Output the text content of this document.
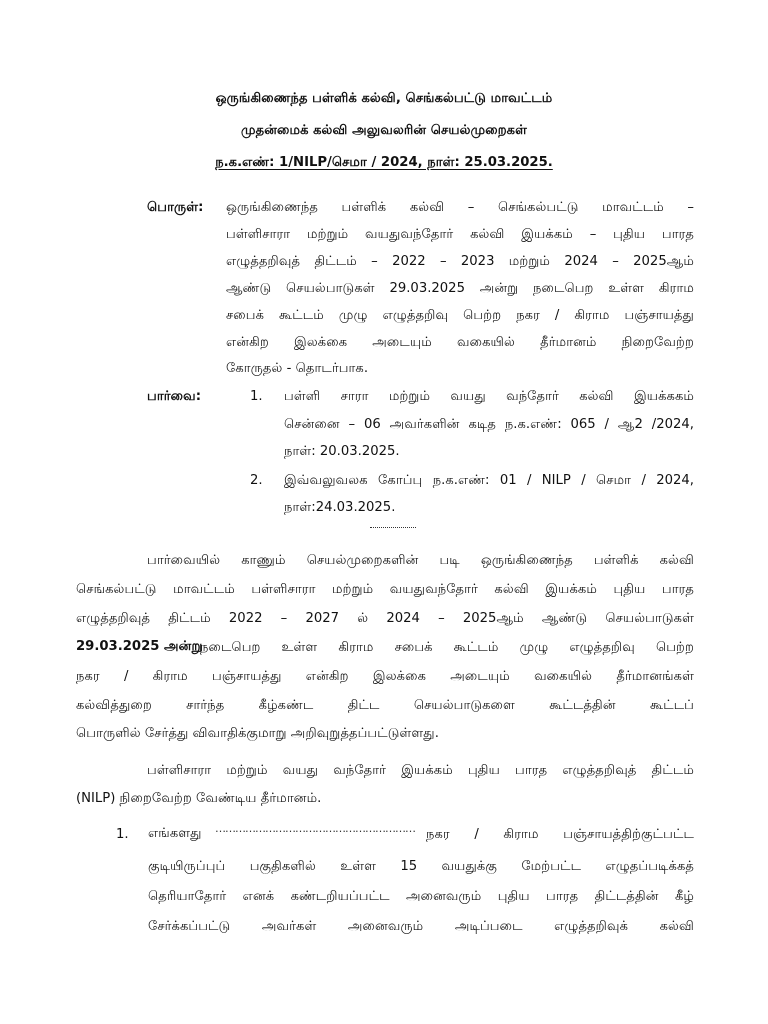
ஒருங்கிணைந்த பள்ளிக் கல்வி, செங்கல்பட்டு மாவட்டம்
முதன்மைக் கல்வி அலுவலரின் செயல்முறைகள்
ந.க.எண்: 1/NILP/செமா / 2024, நாள்: 25.03.2025.
பொருள்: ஒருங்கிணைந்த பள்ளிக் கல்வி – செங்கல்பட்டு மாவட்டம் –
பள்ளிசாரா மற்றும் வயதுவந்தோர் கல்வி இயக்கம் – புதிய பாரத
எழுத்தறிவுத் திட்டம் – 2022 – 2023 மற்றும் 2024 – 2025ஆம்
ஆண்டு செயல்பாடுகள் 29.03.2025 அன்று நடைபெற உள்ள கிராம
சபைக் கூட்டம் முழு எழுத்தறிவு பெற்ற நகர / கிராம பஞ்சாயத்து
என்கிற இலக்கை அடையும் வகையில் தீர்மானம் நிறைவேற்ற
கோருதல் - தொடர்பாக.
பார்வை:	1. பள்ளி சாரா மற்றும் வயது வந்தோர் கல்வி இயக்ககம்
சென்னை – 06 அவர்களின் கடித ந.க.எண்: 065 / ஆ2 /2024,
நாள்: 20.03.2025.
2. இவ்வலுவலக கோப்பு ந.க.எண்: 01 / NILP / செமா / 2024,
நாள்:24.03.2025.
பார்வையில் காணும் செயல்முறைகளின் படி ஒருங்கிணைந்த பள்ளிக் கல்வி
செங்கல்பட்டு மாவட்டம் பள்ளிசாரா மற்றும் வயதுவந்தோர் கல்வி இயக்கம் புதிய பாரத
எழுத்தறிவுத் திட்டம் 2022 – 2027 ல் 2024 – 2025ஆம் ஆண்டு செயல்பாடுகள்
29.03.2025 அன்று
நடைபெற உள்ள கிராம சபைக் கூட்டம் முழு எழுத்தறிவு பெற்ற
நகர / கிராம பஞ்சாயத்து என்கிற இலக்கை அடையும் வகையில் தீர்மானங்கள்
கல்வித்துறை சார்ந்த கீழ்கண்ட திட்ட செயல்பாடுகளை கூட்டத்தின் கூட்டப்
பொருளில் சேர்த்து விவாதிக்குமாறு அறிவுறுத்தப்பட்டுள்ளது.
பள்ளிசாரா மற்றும் வயது வந்தோர் இயக்கம் புதிய பாரத எழுத்தறிவுத் திட்டம்
(NILP) நிறைவேற்ற வேண்டிய தீர்மானம்.
1. எங்களது …………………………………………………… நகர / கிராம பஞ்சாயத்திற்குட்பட்ட
குடியிருப்புப் பகுதிகளில் உள்ள 15 வயதுக்கு மேற்பட்ட எழுதப்படிக்கத்
தெரியாதோர் எனக் கண்டறியப்பட்ட அனைவரும் புதிய பாரத திட்டத்தின் கீழ்
சேர்க்கப்பட்டு அவர்கள் அனைவரும் அடிப்படை எழுத்தறிவுக் கல்வி
